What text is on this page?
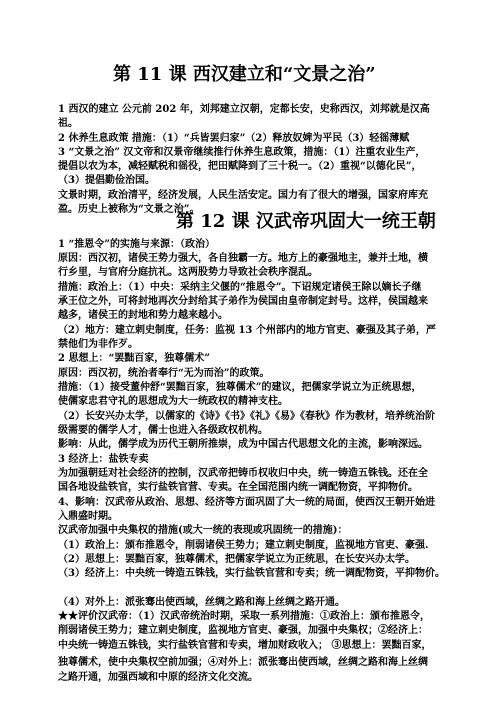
第 11 课 西汉建立和“文景之治”
1 西汉的建立 公元前 202 年，刘邦建立汉朝，定都长安，史称西汉，刘邦就是汉高
祖。
2 休养生息政策 措施：（1）“兵皆罢归家”（2）释放奴婢为平民（3）轻徭薄赋
3 “文景之治” 汉文帝和汉景帝继续推行休养生息政策，措施：（1）注重农业生产，
提倡以农为本，减轻赋税和徭役，把田赋降到了三十税一。（2）重视“以德化民”，
（3）提倡勤俭治国。
文景时期，政治清平，经济发展，人民生活安定。国力有了很大的增强，国家府库充
盈。历史上被称为“文景之治”。
第 12 课 汉武帝巩固大一统王朝
1 “推恩令”的实施与来源：（政治）
原因：西汉初，诸侯王势力强大，各自独霸一方。地方上的豪强地主，兼并土地，横
行乡里，与官府分庭抗礼。这两股势力导致社会秩序混乱。
措施：政治上：（1）中央：采纳主父偃的“推恩令”。下诏规定诸侯王除以嫡长子继
承王位之外，可将封地再次分封给其子弟作为侯国由皇帝制定封号。这样，侯国越来
越多，诸侯王的封地和势力越来越小。
（2）地方：建立刺史制度，任务：监视 13 个州部内的地方官吏、豪强及其子弟，严
禁他们为非作歹。
2 思想上：“罢黜百家，独尊儒术”
原因：西汉初，统治者奉行“无为而治”的政策。
措施：（1）接受董仲舒“罢黜百家，独尊儒术”的建议，把儒家学说立为正统思想，
使儒家忠君守礼的思想成为大一统政权的精神支柱。
（2）长安兴办太学，以儒家的《诗》《书》《礼》《易》《春秋》作为教材，培养统治阶
级需要的儒学人才，儒士也进入各级政权机构。
影响：从此，儒学成为历代王朝所推崇，成为中国古代思想文化的主流，影响深远。
3 经济上：盐铁专卖
为加强朝廷对社会经济的控制，汉武帝把铸币权收归中央，统一铸造五铢钱。还在全
国各地设盐铁官，实行盐铁官营、专卖。在全国范围内统一调配物资，平抑物价。
4、影响：汉武帝从政治、思想、经济等方面巩固了大一统的局面，使西汉王朝开始进
入鼎盛时期。
汉武帝加强中央集权的措施(或大一统的表现或巩固统一的措施)：
（1）政治上：颁布推恩令，削弱诸侯王势力；建立刺史制度，监视地方官吏、豪强.
（2）思想上：罢黜百家，独尊儒术，把儒家学说立为正统思，在长安兴办太学。
（3）经济上：中央统一铸造五铢钱，实行盐铁官营和专卖；统一调配物资，平抑物价。
（4）对外上：派张骞出使西域，丝绸之路和海上丝绸之路开通。
★★评价汉武帝：（1）汉武帝统治时期，采取一系列措施：①政治上：颁布推恩令，
削弱诸侯王势力；建立刺史制度，监视地方官吏、豪强，加强中央集权；②经济上：
中央统一铸造五铢钱，实行盐铁官营和专卖，增加财政收入； ③思想上：罢黜百家，
独尊儒术，使中央集权空前加强；④对外上：派张骞出使西域，丝绸之路和海上丝绸
之路开通，加强西域和中原的经济文化交流。
